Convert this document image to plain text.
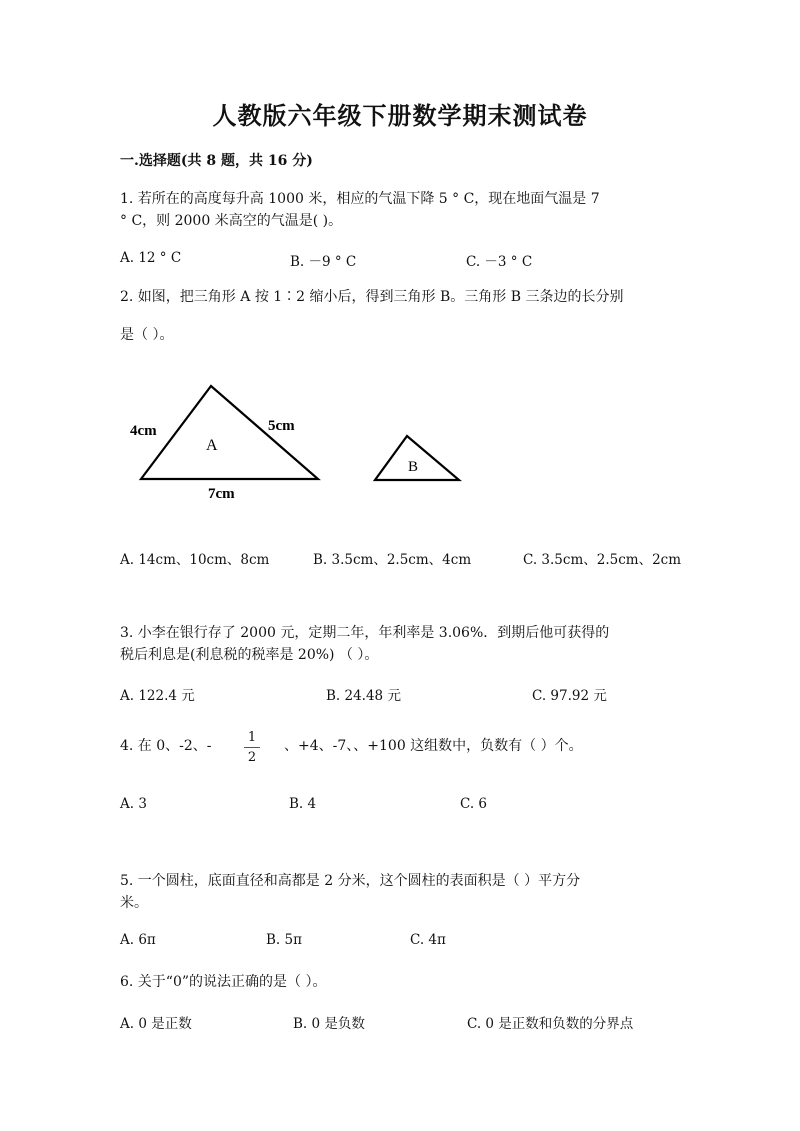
人教版六年级下册数学期末测试卷
一.选择题(共 8 题，共 16 分)
1. 若所在的高度每升高 1000 米，相应的气温下降 5 ° C，现在地面气温是 7
° C，则 2000 米高空的气温是( )。
A. 12 ° C	B. －9 ° C	C. －3 ° C
2. 如图，把三角形 A 按 1∶2 缩小后，得到三角形 B。三角形 B 三条边的长分别
是（ ）。
A
4cm	5cm
7cm
B
A. 14cm、10cm、8cm	B. 3.5cm、2.5cm、4cm	C. 3.5cm、2.5cm、2cm
3. 小李在银行存了 2000 元，定期二年，年利率是 3.06%．到期后他可获得的
税后利息是(利息税的税率是 20%) （ ）。
A. 122.4 元	B. 24.48 元	C. 97.92 元
4. 在 0、-2、-
1
2
、+4、-7、、+100 这组数中，负数有（ ）个。
A. 3	B. 4	C. 6
5. 一个圆柱，底面直径和高都是 2 分米，这个圆柱的表面积是（ ）平方分
米。
A. 6π	B. 5π	C. 4π
6. 关于“0”的说法正确的是（ ）。
A. 0 是正数	B. 0 是负数	C. 0 是正数和负数的分界点
